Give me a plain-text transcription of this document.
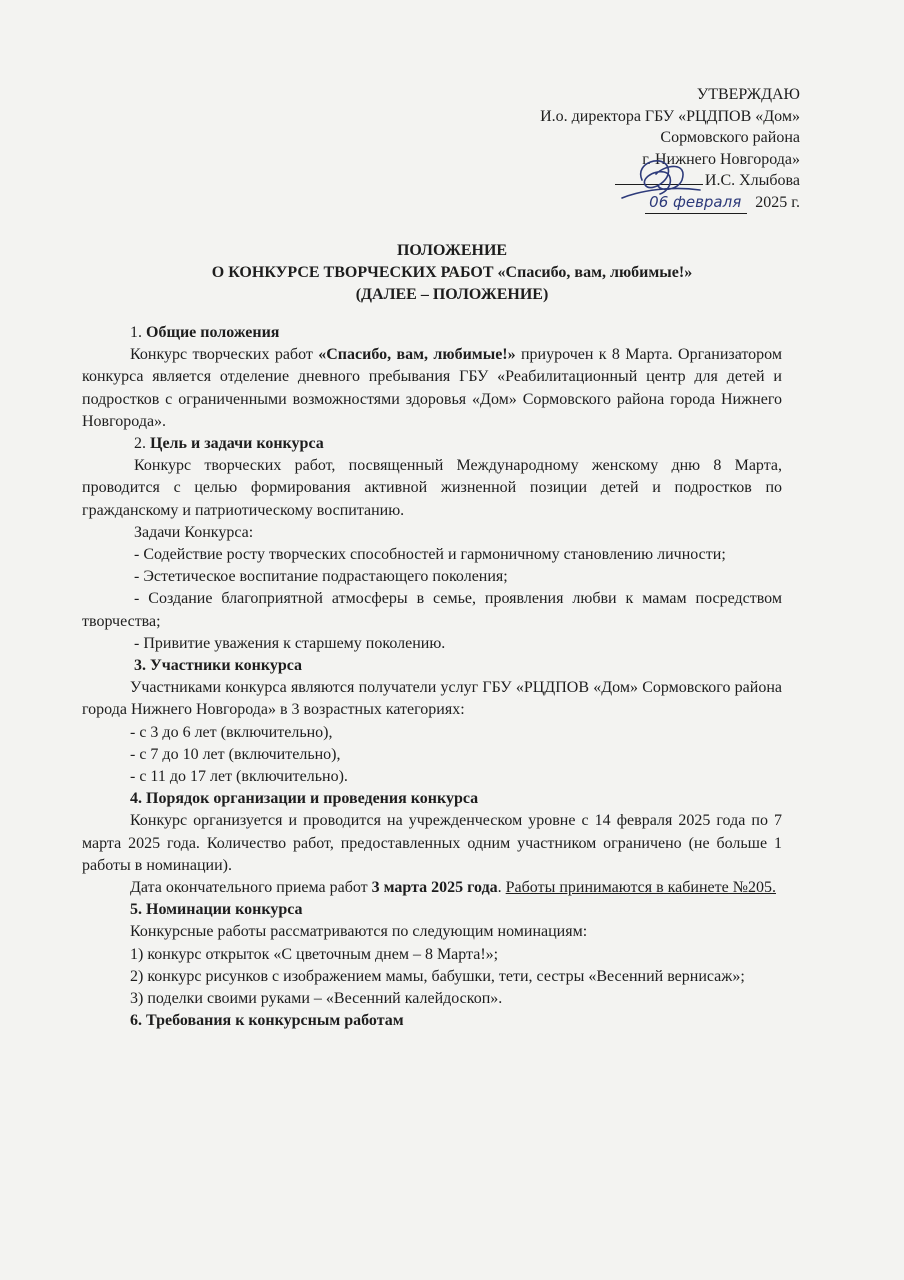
УТВЕРЖДАЮ
И.о. директора ГБУ «РЦДПОВ «Дом»
Сормовского района
г. Нижнего Новгорода»
И.С. Хлыбова
06 февраля 2025 г.
ПОЛОЖЕНИЕ
О КОНКУРСЕ ТВОРЧЕСКИХ РАБОТ «Спасибо, вам, любимые!»
(ДАЛЕЕ – ПОЛОЖЕНИЕ)

1. Общие положения

Конкурс творческих работ «Спасибо, вам, любимые!» приурочен к 8 Марта. Организатором конкурса является отделение дневного пребывания ГБУ «Реабилитационный центр для детей и подростков с ограниченными возможностями здоровья «Дом» Сормовского района города Нижнего Новгорода».

2. Цель и задачи конкурса

Конкурс творческих работ, посвященный Международному женскому дню 8 Марта, проводится с целью формирования активной жизненной позиции детей и подростков по гражданскому и патриотическому воспитанию.

Задачи Конкурса:

- Содействие росту творческих способностей и гармоничному становлению личности;

- Эстетическое воспитание подрастающего поколения;

- Создание благоприятной атмосферы в семье, проявления любви к мамам посредством творчества;

- Привитие уважения к старшему поколению.

3. Участники конкурса

Участниками конкурса являются получатели услуг ГБУ «РЦДПОВ «Дом» Сормовского района города Нижнего Новгорода» в 3 возрастных категориях:

- с 3 до 6 лет (включительно),

- с 7 до 10 лет (включительно),

- с 11 до 17 лет (включительно).

4. Порядок организации и проведения конкурса

Конкурс организуется и проводится на учрежденческом уровне с 14 февраля 2025 года по 7 марта 2025 года. Количество работ, предоставленных одним участником ограничено (не больше 1 работы в номинации).

Дата окончательного приема работ 3 марта 2025 года. Работы принимаются в кабинете №205.

5. Номинации конкурса

Конкурсные работы рассматриваются по следующим номинациям:

1) конкурс открыток «С цветочным днем – 8 Марта!»;

2) конкурс рисунков с изображением мамы, бабушки, тети, сестры «Весенний вернисаж»;

3) поделки своими руками – «Весенний калейдоскоп».

6. Требования к конкурсным работам
